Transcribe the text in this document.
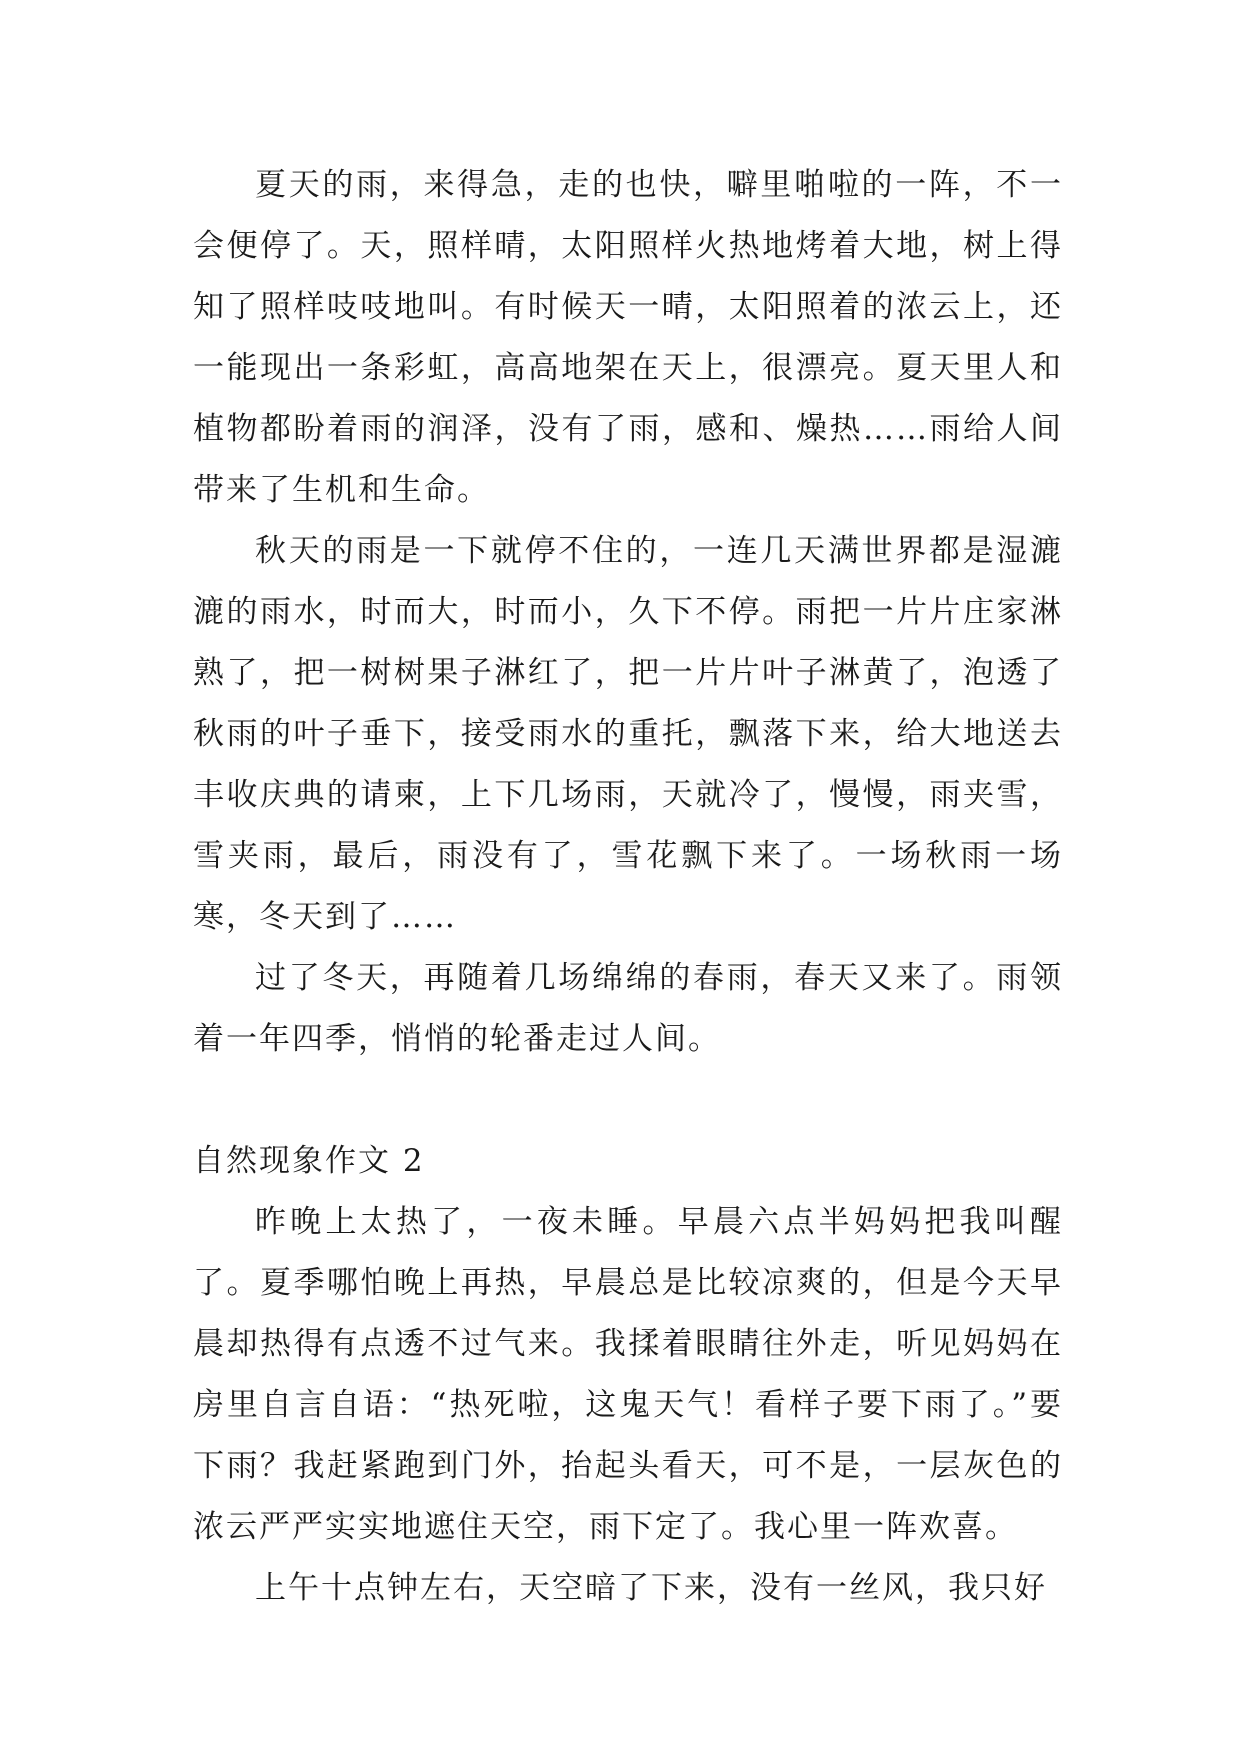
夏天的雨，来得急，走的也快，噼里啪啦的一阵，不一会便停了。天，照样晴，太阳照样火热地烤着大地，树上得知了照样吱吱地叫。有时候天一晴，太阳照着的浓云上，还一能现出一条彩虹，高高地架在天上，很漂亮。夏天里人和植物都盼着雨的润泽，没有了雨，感和、燥热……雨给人间带来了生机和生命。

秋天的雨是一下就停不住的，一连几天满世界都是湿漉漉的雨水，时而大，时而小，久下不停。雨把一片片庄家淋熟了，把一树树果子淋红了，把一片片叶子淋黄了，泡透了秋雨的叶子垂下，接受雨水的重托，飘落下来，给大地送去丰收庆典的请柬，上下几场雨，天就冷了，慢慢，雨夹雪，雪夹雨，最后，雨没有了，雪花飘下来了。一场秋雨一场寒，冬天到了……

过了冬天，再随着几场绵绵的春雨，春天又来了。雨领着一年四季，悄悄的轮番走过人间。

自然现象作文 2

昨晚上太热了，一夜未睡。早晨六点半妈妈把我叫醒了。夏季哪怕晚上再热，早晨总是比较凉爽的，但是今天早晨却热得有点透不过气来。我揉着眼睛往外走，听见妈妈在房里自言自语：“热死啦，这鬼天气！看样子要下雨了。”要下雨？我赶紧跑到门外，抬起头看天，可不是，一层灰色的浓云严严实实地遮住天空，雨下定了。我心里一阵欢喜。

上午十点钟左右，天空暗了下来，没有一丝风，我只好
